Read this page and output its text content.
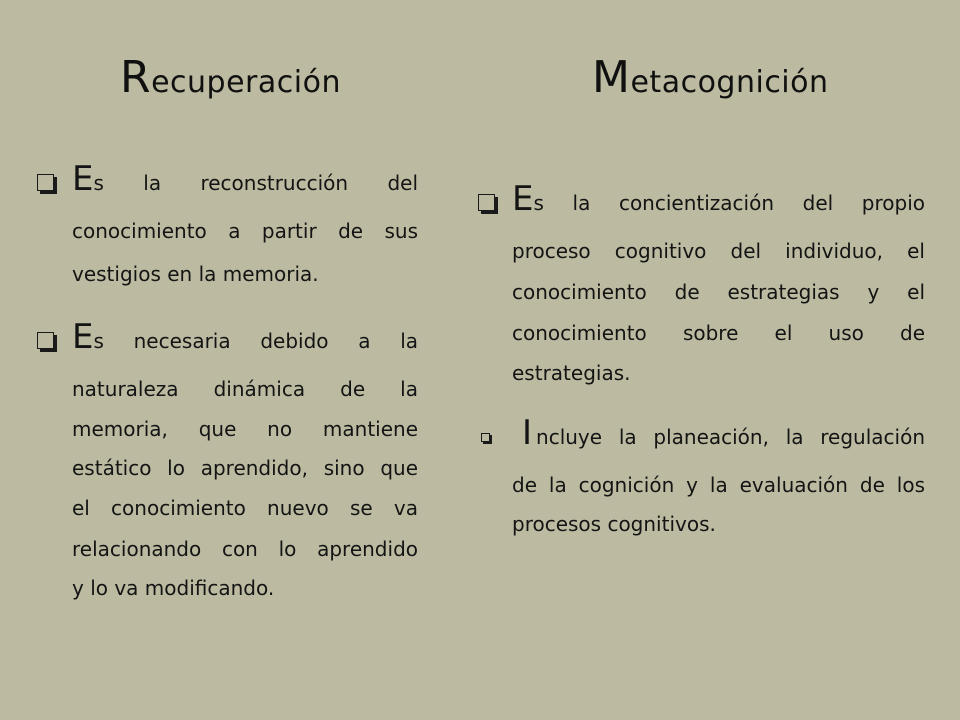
Recuperación	Metacognición
E s la reconstrucción del
conocimiento a partir de sus
vestigios en la memoria.
E s necesaria debido a la
naturaleza dinámica de la
memoria, que no mantiene
estático lo aprendido, sino que
el conocimiento nuevo se va
relacionando con lo aprendido
y lo va modificando.
E s la concientización del propio
proceso cognitivo del individuo, el
conocimiento de estrategias y el
conocimiento sobre el uso de
estrategias.
I ncluye la planeación, la regulación
de la cognición y la evaluación de los
procesos cognitivos.
